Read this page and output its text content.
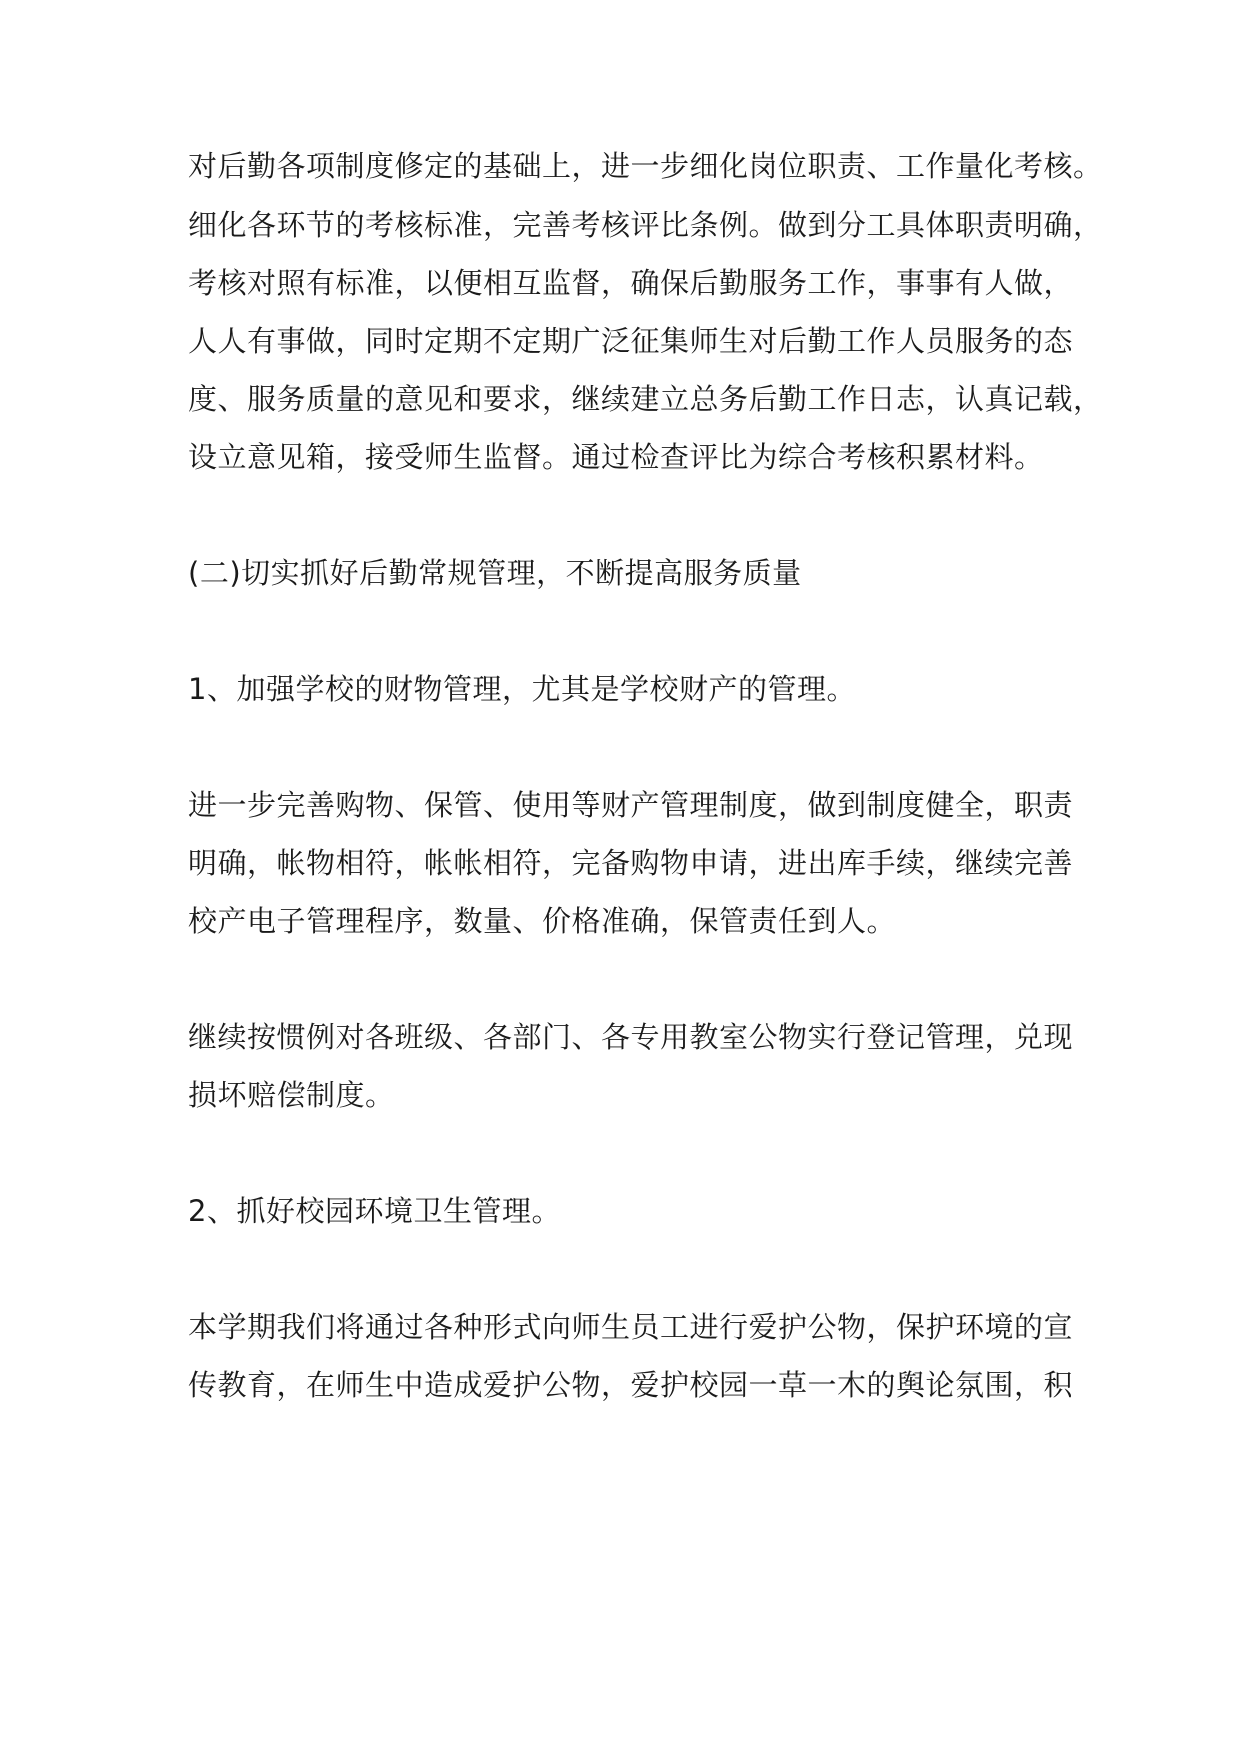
对后勤各项制度修定的基础上，进一步细化岗位职责、工作量化考核。
细化各环节的考核标准，完善考核评比条例。做到分工具体职责明确，
考核对照有标准，以便相互监督，确保后勤服务工作，事事有人做，
人人有事做，同时定期不定期广泛征集师生对后勤工作人员服务的态
度、服务质量的意见和要求，继续建立总务后勤工作日志，认真记载，
设立意见箱，接受师生监督。通过检查评比为综合考核积累材料。
(二)切实抓好后勤常规管理，不断提高服务质量
1、加强学校的财物管理，尤其是学校财产的管理。
进一步完善购物、保管、使用等财产管理制度，做到制度健全，职责
明确，帐物相符，帐帐相符，完备购物申请，进出库手续，继续完善
校产电子管理程序，数量、价格准确，保管责任到人。
继续按惯例对各班级、各部门、各专用教室公物实行登记管理，兑现
损坏赔偿制度。
2、抓好校园环境卫生管理。
本学期我们将通过各种形式向师生员工进行爱护公物，保护环境的宣
传教育，在师生中造成爱护公物，爱护校园一草一木的舆论氛围，积
